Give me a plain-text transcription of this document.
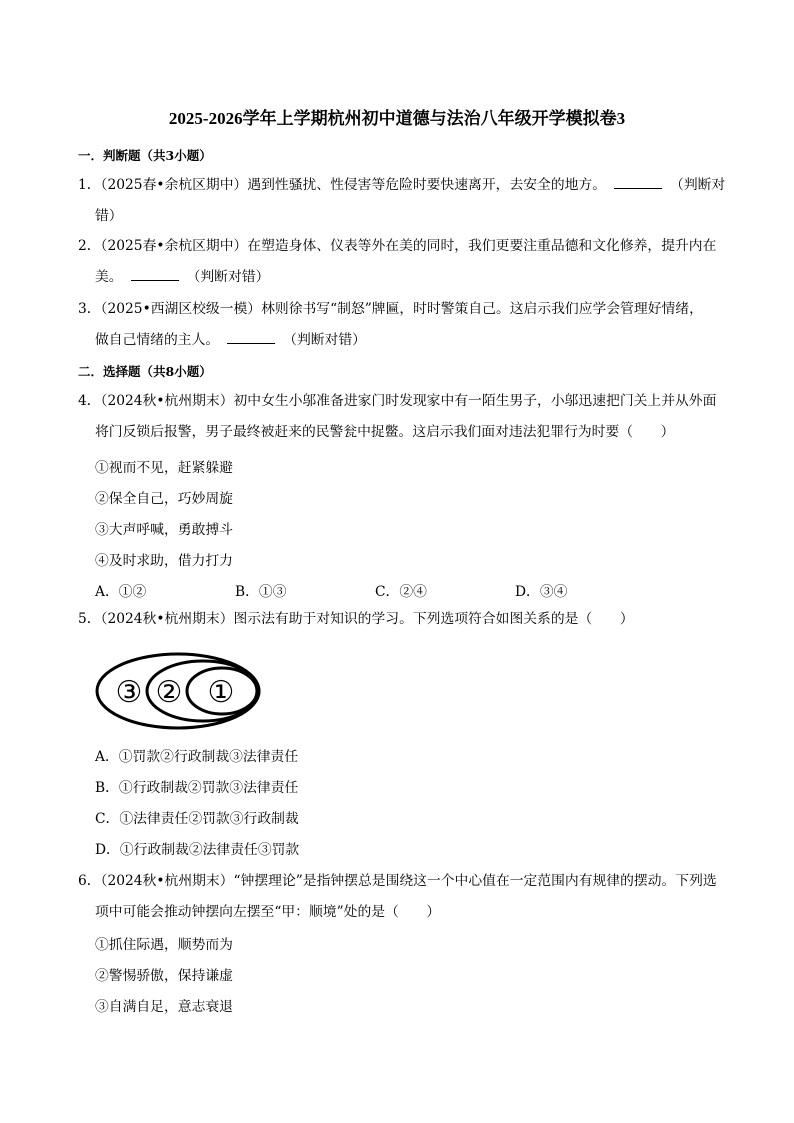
2025-2026学年上学期杭州初中道德与法治八年级开学模拟卷3
一．判断题（共3小题）
1．（2025春•余杭区期中）遇到性骚扰、性侵害等危险时要快速离开，去安全的地方。	（判断对
错）
2．（2025春•余杭区期中）在塑造身体、仪表等外在美的同时，我们更要注重品德和文化修养，提升内在
美。	（判断对错）
3．（2025•西湖区校级一模）林则徐书写“制怒”牌匾，时时警策自己。这启示我们应学会管理好情绪，
做自己情绪的主人。	（判断对错）
二．选择题（共8小题）
4．（2024秋•杭州期末）初中女生小邬准备进家门时发现家中有一陌生男子，小邬迅速把门关上并从外面
将门反锁后报警，男子最终被赶来的民警瓮中捉鳖。这启示我们面对违法犯罪行为时要（　　）
①视而不见，赶紧躲避
②保全自己，巧妙周旋
③大声呼喊，勇敢搏斗
④及时求助，借力打力
A．①②	B．①③	C．②④	D．③④
5．（2024秋•杭州期末）图示法有助于对知识的学习。下列选项符合如图关系的是（　　）
③ ② ①
A．①罚款②行政制裁③法律责任
B．①行政制裁②罚款③法律责任
C．①法律责任②罚款③行政制裁
D．①行政制裁②法律责任③罚款
6．（2024秋•杭州期末）“钟摆理论”是指钟摆总是围绕这一个中心值在一定范围内有规律的摆动。下列选
项中可能会推动钟摆向左摆至“甲：顺境”处的是（　　）
①抓住际遇，顺势而为
②警惕骄傲，保持谦虚
③自满自足，意志衰退
